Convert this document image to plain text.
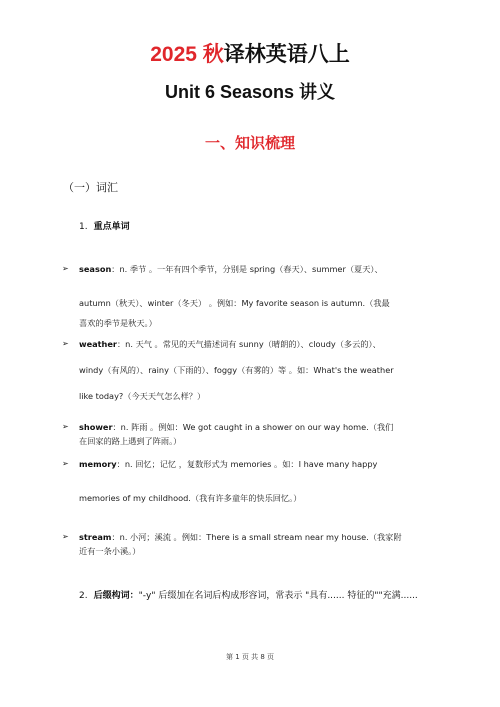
2025 秋译林英语八上
Unit 6 Seasons 讲义
一、知识梳理
（一）词汇
1. 重点单词
➢ season：n. 季节 。一年有四个季节，分别是 spring（春天）、summer（夏天）、
autumn（秋天）、winter（冬天） 。例如：My favorite season is autumn.（我最
喜欢的季节是秋天。）
➢ weather：n. 天气 。常见的天气描述词有 sunny（晴朗的）、cloudy（多云的）、
windy（有风的）、rainy（下雨的）、foggy（有雾的）等 。如：What's the weather
like today?（今天天气怎么样？）
➢ shower：n. 阵雨 。例如：We got caught in a shower on our way home.（我们
在回家的路上遇到了阵雨。）
➢ memory：n. 回忆；记忆 ，复数形式为 memories 。如：I have many happy
memories of my childhood.（我有许多童年的快乐回忆。）
➢ stream：n. 小河；溪流 。例如：There is a small stream near my house.（我家附
近有一条小溪。）
2. 后缀构词："-y" 后缀加在名词后构成形容词，常表示 "具有...... 特征的""充满......
第 1 页 共 8 页
